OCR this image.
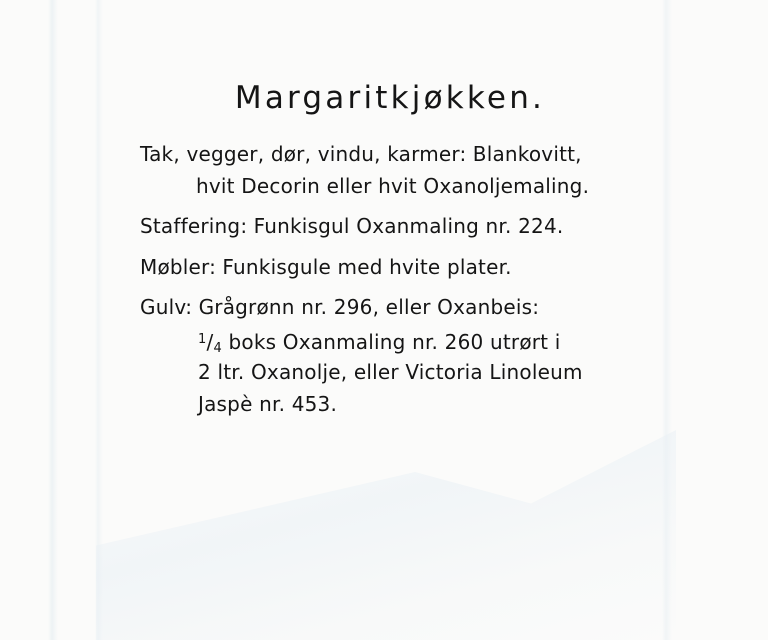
Margaritkjøkken.

Tak, vegger, dør, vindu, karmer: Blankovitt,

hvit Decorin eller hvit Oxanoljemaling.

Staffering: Funkisgul Oxanmaling nr. 224.

Møbler: Funkisgule med hvite plater.

Gulv: Grågrønn nr. 296, eller Oxanbeis:

$^1/_4$ boks Oxanmaling nr. 260 utrørt i

2 ltr. Oxanolje, eller Victoria Linoleum

Jaspè nr. 453.
